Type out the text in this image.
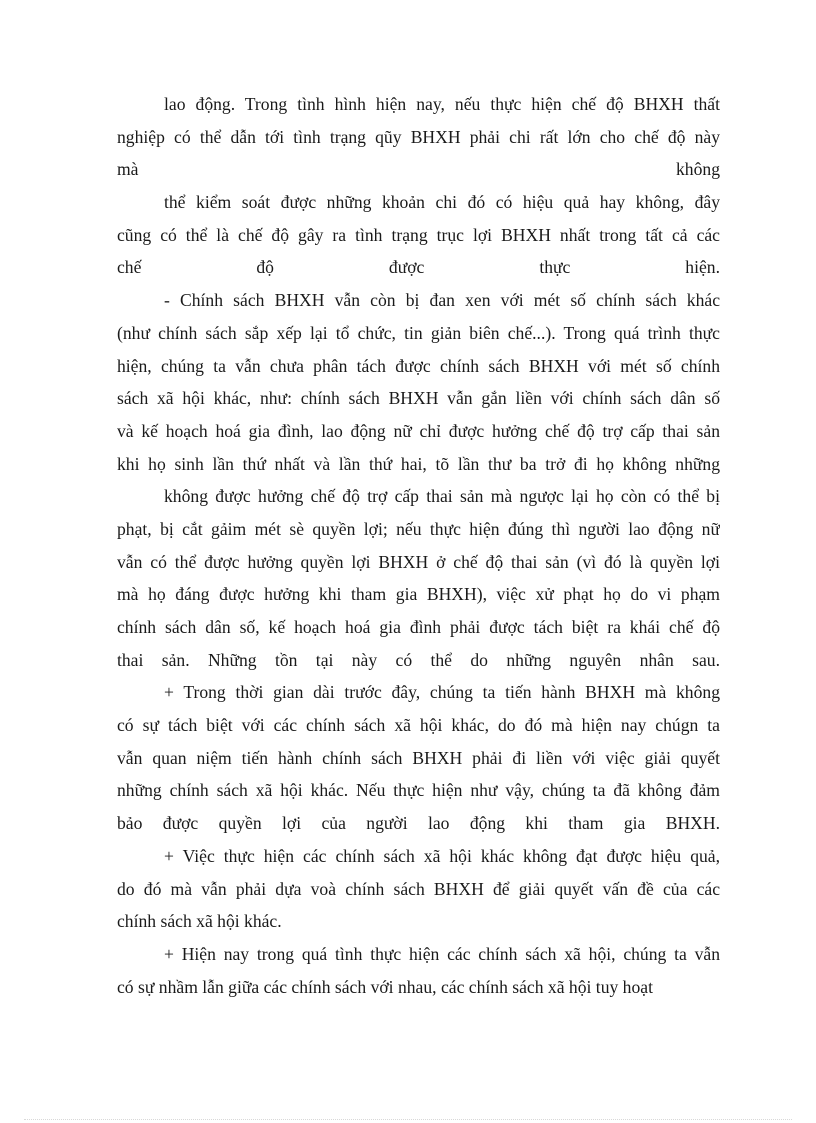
lao động. Trong tình hình hiện nay, nếu thực hiện chế độ BHXH thất
nghiệp có thể dẫn tới tình trạng qũy BHXH phải chi rất lớn cho chế độ này
mà không
thể kiểm soát được những khoản chi đó có hiệu quả hay không, đây
cũng có thể là chế độ gây ra tình trạng trục lợi BHXH nhất trong tất cả các
chế độ được thực hiện.
- Chính sách BHXH vẫn còn bị đan xen với mét số chính sách khác
(như chính sách sắp xếp lại tổ chức, tin giản biên chế...). Trong quá trình thực
hiện, chúng ta vẫn chưa phân tách được chính sách BHXH với mét số chính
sách xã hội khác, như: chính sách BHXH vẫn gắn liền với chính sách dân số
và kế hoạch hoá gia đình, lao động nữ chỉ được hưởng chế độ trợ cấp thai sản
khi họ sinh lần thứ nhất và lần thứ hai, tõ lần thư ba trở đi họ không những
không được hưởng chế độ trợ cấp thai sản mà ngược lại họ còn có thể bị
phạt, bị cắt gảim mét sè quyền lợi; nếu thực hiện đúng thì người lao động nữ
vẫn có thể được hưởng quyền lợi BHXH ở chế độ thai sản (vì đó là quyền lợi
mà họ đáng được hưởng khi tham gia BHXH), việc xử phạt họ do vi phạm
chính sách dân số, kế hoạch hoá gia đình phải được tách biệt ra khái chế độ
thai sản. Những tồn tại này có thể do những nguyên nhân sau.
+ Trong thời gian dài trước đây, chúng ta tiến hành BHXH mà không
có sự tách biệt với các chính sách xã hội khác, do đó mà hiện nay chúgn ta
vẫn quan niệm tiến hành chính sách BHXH phải đi liền với việc giải quyết
những chính sách xã hội khác. Nếu thực hiện như vậy, chúng ta đã không đảm
bảo được quyền lợi của người lao động khi tham gia BHXH.
+ Việc thực hiện các chính sách xã hội khác không đạt được hiệu quả,
do đó mà vẫn phải dựa voà chính sách BHXH để giải quyết vấn đề của các
chính sách xã hội khác.
+ Hiện nay trong quá tình thực hiện các chính sách xã hội, chúng ta vẫn
có sự nhầm lẫn giữa các chính sách với nhau, các chính sách xã hội tuy hoạt
